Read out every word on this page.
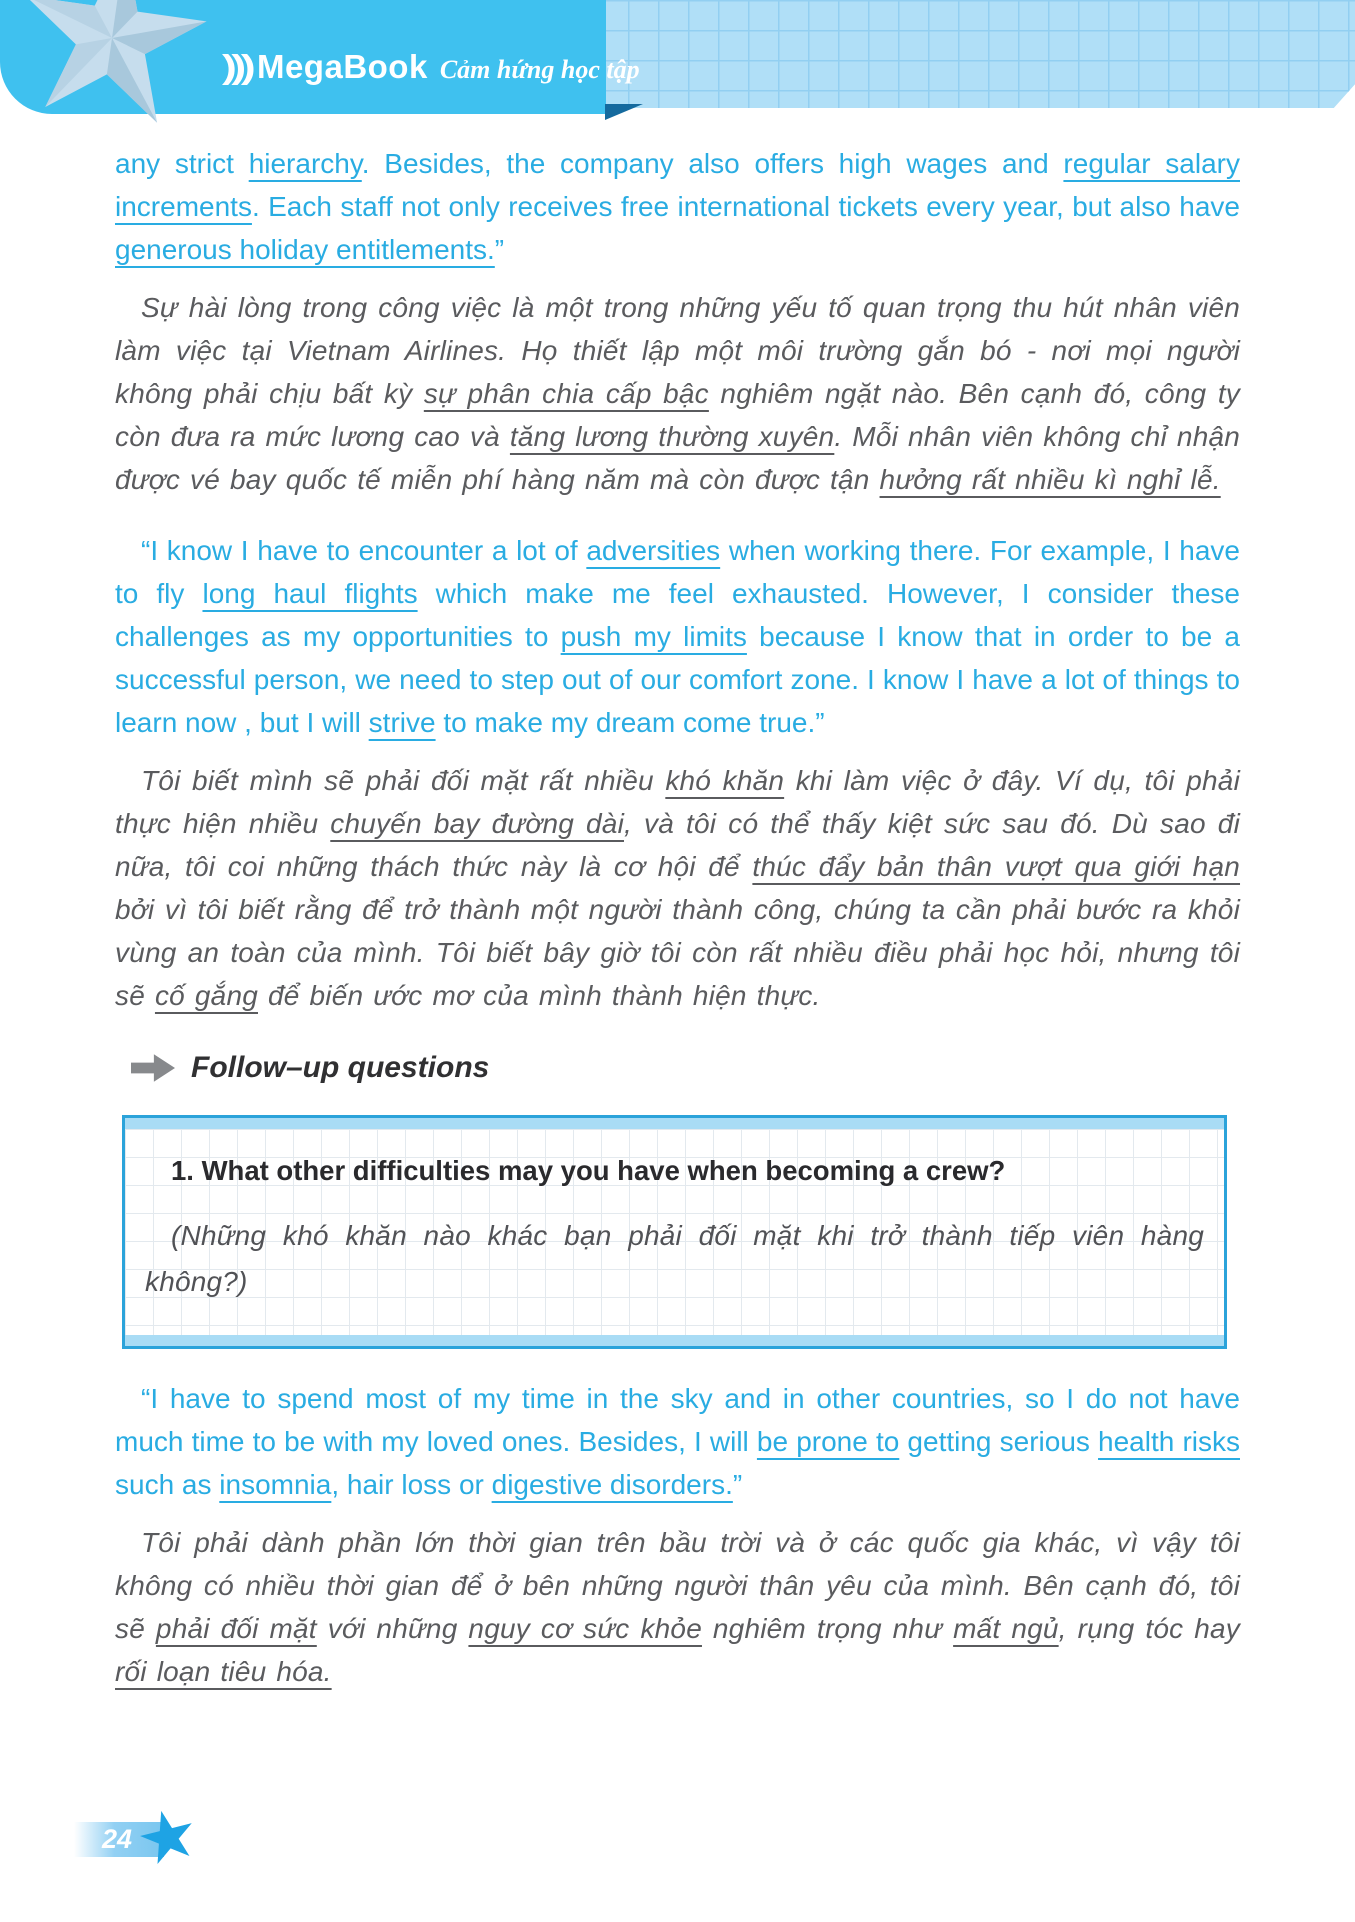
))) MegaBook Cảm hứng học tập

any strict hierarchy. Besides, the company also offers high wages and regular salary increments. Each staff not only receives free international tickets every year, but also have generous holiday entitlements.”

Sự hài lòng trong công việc là một trong những yếu tố quan trọng thu hút nhân viên làm việc tại Vietnam Airlines. Họ thiết lập một môi trường gắn bó - nơi mọi người không phải chịu bất kỳ sự phân chia cấp bậc nghiêm ngặt nào. Bên cạnh đó, công ty còn đưa ra mức lương cao và tăng lương thường xuyên. Mỗi nhân viên không chỉ nhận được vé bay quốc tế miễn phí hàng năm mà còn được tận hưởng rất nhiều kì nghỉ lễ.

“I know I have to encounter a lot of adversities when working there. For example, I have to fly long haul flights which make me feel exhausted. However, I consider these challenges as my opportunities to push my limits because I know that in order to be a successful person, we need to step out of our comfort zone. I know I have a lot of things to learn now , but I will strive to make my dream come true.”

Tôi biết mình sẽ phải đối mặt rất nhiều khó khăn khi làm việc ở đây. Ví dụ, tôi phải thực hiện nhiều chuyến bay đường dài, và tôi có thể thấy kiệt sức sau đó. Dù sao đi nữa, tôi coi những thách thức này là cơ hội để thúc đẩy bản thân vượt qua giới hạn bởi vì tôi biết rằng để trở thành một người thành công, chúng ta cần phải bước ra khỏi vùng an toàn của mình. Tôi biết bây giờ tôi còn rất nhiều điều phải học hỏi, nhưng tôi sẽ cố gắng để biến ước mơ của mình thành hiện thực.

Follow–up questions

1. What other difficulties may you have when becoming a crew?

(Những khó khăn nào khác bạn phải đối mặt khi trở thành tiếp viên hàng không?)

“I have to spend most of my time in the sky and in other countries, so I do not have much time to be with my loved ones. Besides, I will be prone to getting serious health risks such as insomnia, hair loss or digestive disorders.”

Tôi phải dành phần lớn thời gian trên bầu trời và ở các quốc gia khác, vì vậy tôi không có nhiều thời gian để ở bên những người thân yêu của mình. Bên cạnh đó, tôi sẽ phải đối mặt với những nguy cơ sức khỏe nghiêm trọng như mất ngủ, rụng tóc hay rối loạn tiêu hóa.

24
